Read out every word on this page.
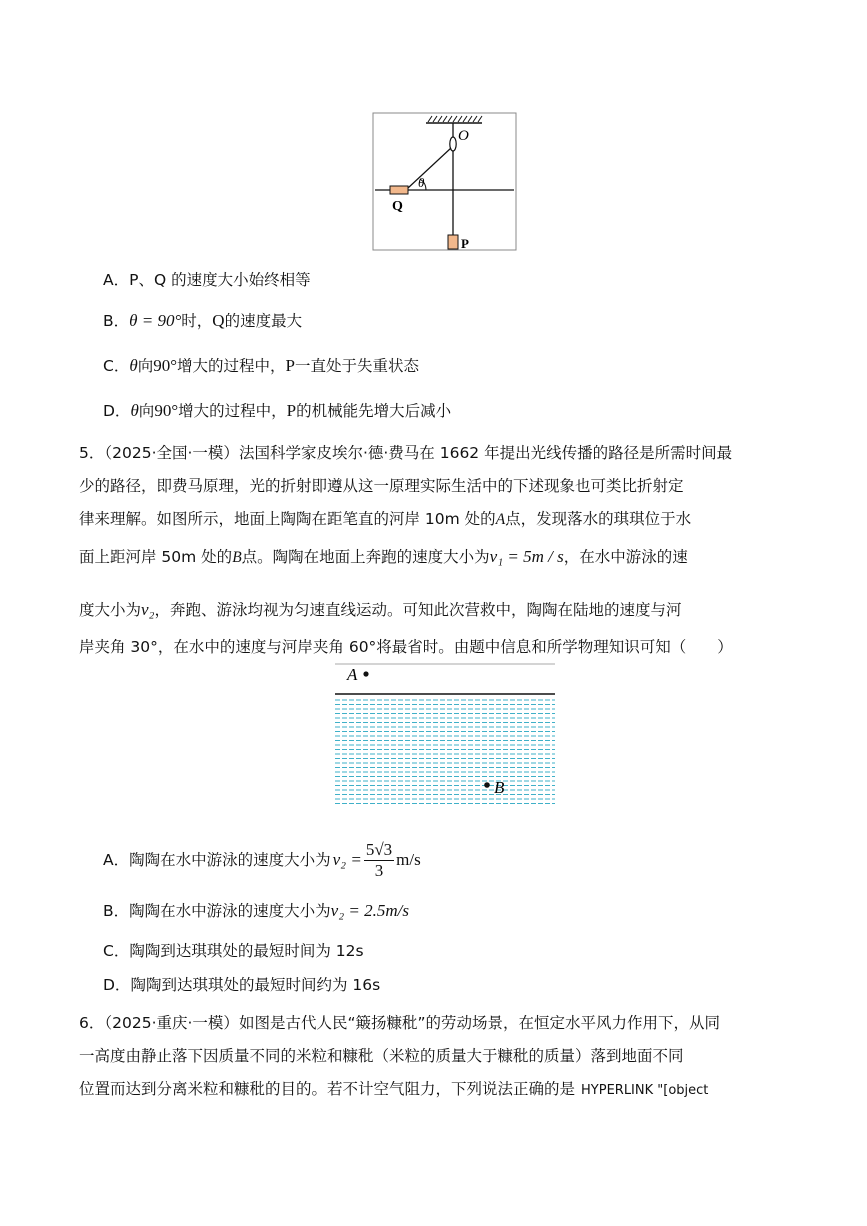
O
θ
Q
P
A．P、Q 的速度大小始终相等
B．θ = 90°时，Q的速度最大
C．θ向90°增大的过程中，P一直处于失重状态
D．θ向90°增大的过程中，P的机械能先增大后减小
5．（2025·全国·一模）法国科学家皮埃尔·德·费马在 1662 年提出光线传播的路径是所需时间最
少的路径，即费马原理，光的折射即遵从这一原理实际生活中的下述现象也可类比折射定
律来理解。如图所示，地面上陶陶在距笔直的河岸 10m 处的A点，发现落水的琪琪位于水
面上距河岸 50m 处的B点。陶陶在地面上奔跑的速度大小为v₁ = 5m / s，在水中游泳的速
度大小为v₂，奔跑、游泳均视为匀速直线运动。可知此次营救中，陶陶在陆地的速度与河
岸夹角 30°，在水中的速度与河岸夹角 60°将最省时。由题中信息和所学物理知识可知（　　）
A
B
A． 陶陶在水中游泳的速度大小为 $v_2 = \frac{5√3}{3} m/s$
B．陶陶在水中游泳的速度大小为v₂ = 2.5m/s
C．陶陶到达琪琪处的最短时间为 12s
D．陶陶到达琪琪处的最短时间约为 16s
6．（2025·重庆·一模）如图是古代人民“簸扬糠秕”的劳动场景，在恒定水平风力作用下，从同
一高度由静止落下因质量不同的米粒和糠秕（米粒的质量大于糠秕的质量）落到地面不同
位置而达到分离米粒和糠秕的目的。若不计空气阻力，下列说法正确的是 HYPERLINK "[object
